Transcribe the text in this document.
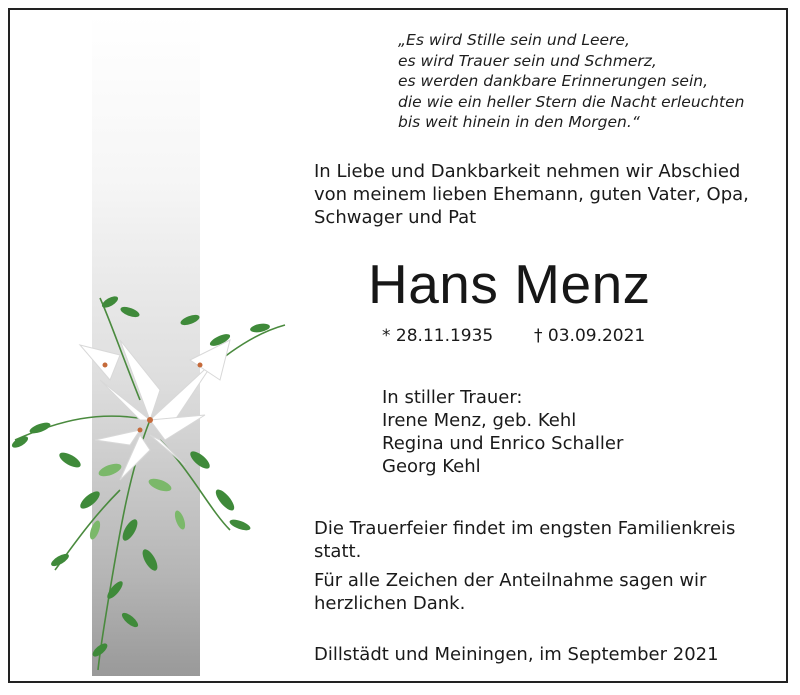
„Es wird Stille sein und Leere,
es wird Trauer sein und Schmerz,
es werden dankbare Erinnerungen sein,
die wie ein heller Stern die Nacht erleuchten
bis weit hinein in den Morgen.“
In Liebe und Dankbarkeit nehmen wir Abschied
von meinem lieben Ehemann, guten Vater, Opa,
Schwager und Pat
Hans Menz
* 28.11.1935 † 03.09.2021
In stiller Trauer:
Irene Menz, geb. Kehl
Regina und Enrico Schaller
Georg Kehl
Die Trauerfeier findet im engsten Familienkreis
statt.
Für alle Zeichen der Anteilnahme sagen wir
herzlichen Dank.
Dillstädt und Meiningen, im September 2021
